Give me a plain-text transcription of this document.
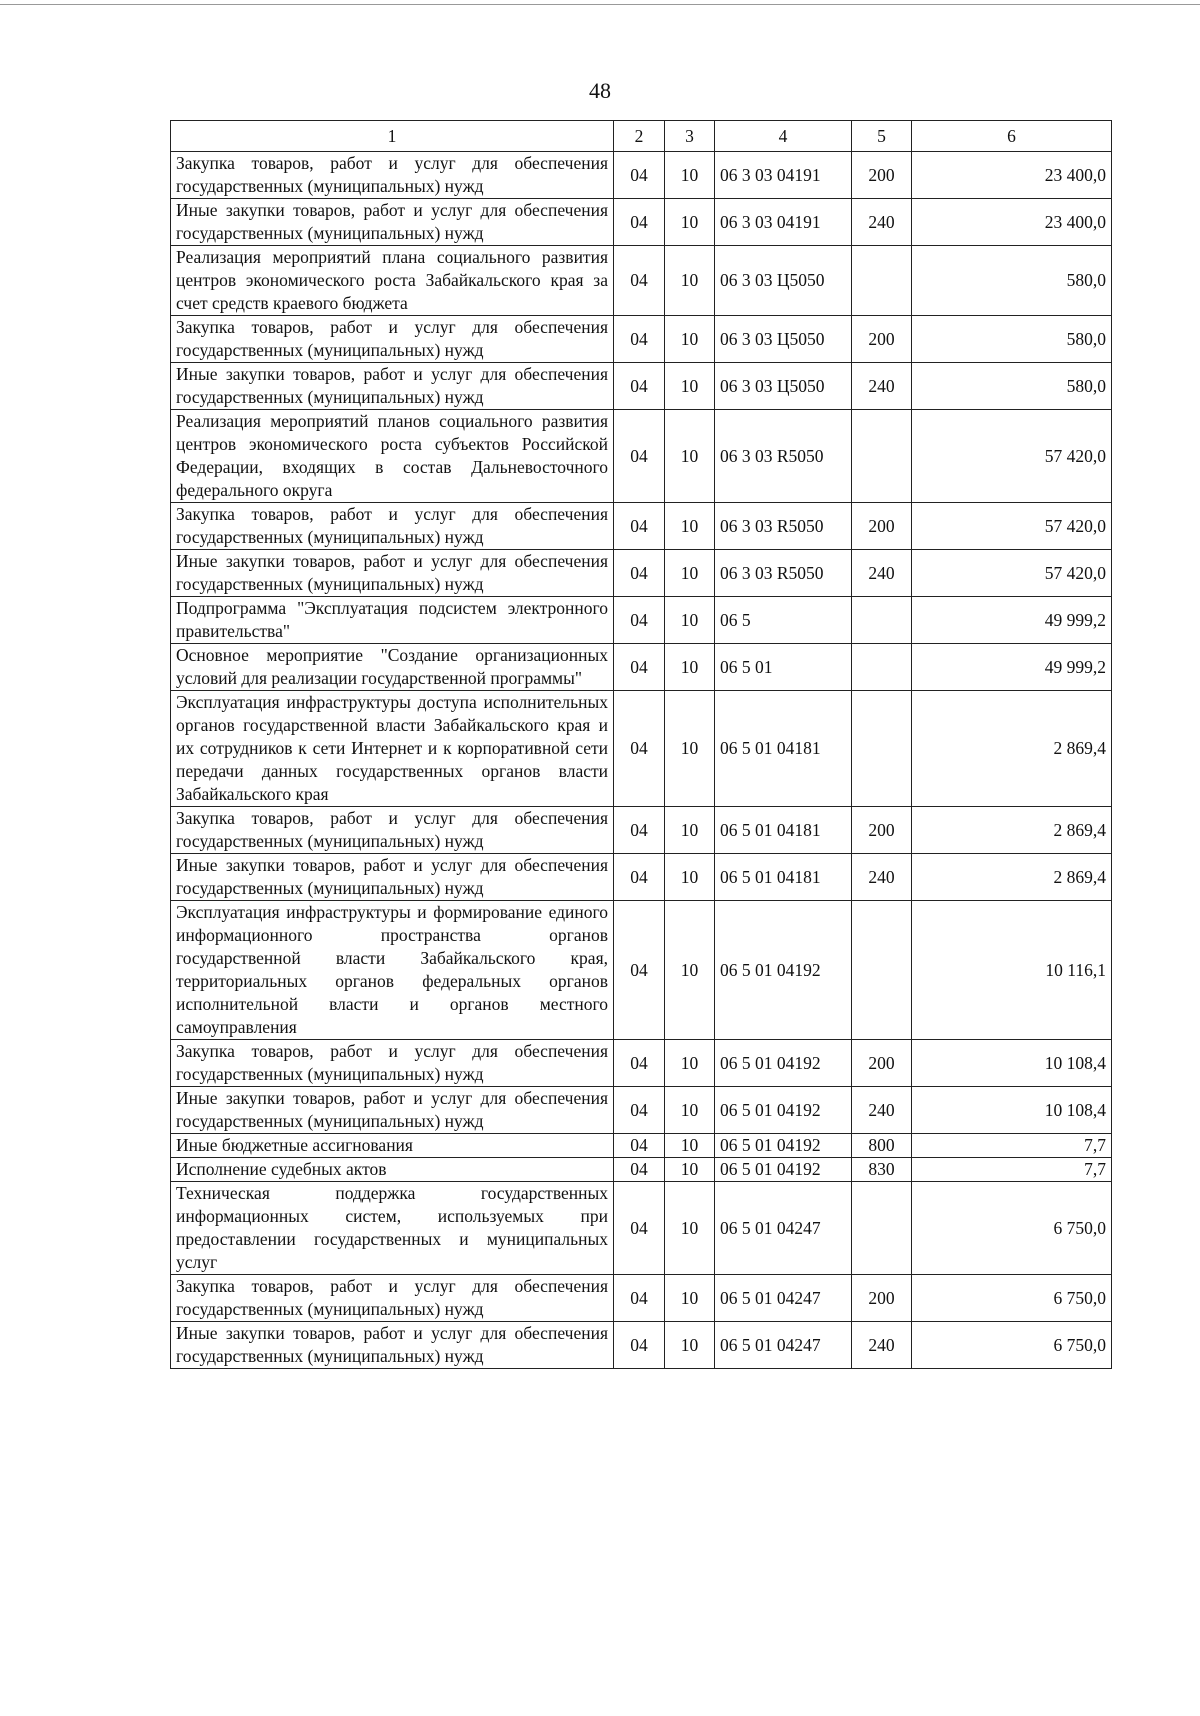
48
1	2	3	4	5	6
Закупка товаров, работ и услуг для обеспечения государственных (муниципальных) нужд	04	10	06 3 03 04191	200	23 400,0
Иные закупки товаров, работ и услуг для обеспечения государственных (муниципальных) нужд	04	10	06 3 03 04191	240	23 400,0
Реализация мероприятий плана социального развития центров экономического роста Забайкальского края за счет средств краевого бюджета	04	10	06 3 03 Ц5050		580,0
Закупка товаров, работ и услуг для обеспечения государственных (муниципальных) нужд	04	10	06 3 03 Ц5050	200	580,0
Иные закупки товаров, работ и услуг для обеспечения государственных (муниципальных) нужд	04	10	06 3 03 Ц5050	240	580,0
Реализация мероприятий планов социального развития центров экономического роста субъектов Российской Федерации, входящих в состав Дальневосточного федерального округа	04	10	06 3 03 R5050		57 420,0
Закупка товаров, работ и услуг для обеспечения государственных (муниципальных) нужд	04	10	06 3 03 R5050	200	57 420,0
Иные закупки товаров, работ и услуг для обеспечения государственных (муниципальных) нужд	04	10	06 3 03 R5050	240	57 420,0
Подпрограмма "Эксплуатация подсистем электронного правительства"	04	10	06 5		49 999,2
Основное мероприятие "Создание организационных условий для реализации государственной программы"	04	10	06 5 01		49 999,2
Эксплуатация инфраструктуры доступа исполнительных органов государственной власти Забайкальского края и их сотрудников к сети Интернет и к корпоративной сети передачи данных государственных органов власти Забайкальского края	04	10	06 5 01 04181		2 869,4
Закупка товаров, работ и услуг для обеспечения государственных (муниципальных) нужд	04	10	06 5 01 04181	200	2 869,4
Иные закупки товаров, работ и услуг для обеспечения государственных (муниципальных) нужд	04	10	06 5 01 04181	240	2 869,4
Эксплуатация инфраструктуры и формирование единого информационного пространства органов государственной власти Забайкальского края, территориальных органов федеральных органов исполнительной власти и органов местного самоуправления	04	10	06 5 01 04192		10 116,1
Закупка товаров, работ и услуг для обеспечения государственных (муниципальных) нужд	04	10	06 5 01 04192	200	10 108,4
Иные закупки товаров, работ и услуг для обеспечения государственных (муниципальных) нужд	04	10	06 5 01 04192	240	10 108,4
Иные бюджетные ассигнования	04	10	06 5 01 04192	800	7,7
Исполнение судебных актов	04	10	06 5 01 04192	830	7,7
Техническая поддержка государственных информационных систем, используемых при предоставлении государственных и муниципальных услуг	04	10	06 5 01 04247		6 750,0
Закупка товаров, работ и услуг для обеспечения государственных (муниципальных) нужд	04	10	06 5 01 04247	200	6 750,0
Иные закупки товаров, работ и услуг для обеспечения государственных (муниципальных) нужд	04	10	06 5 01 04247	240	6 750,0
